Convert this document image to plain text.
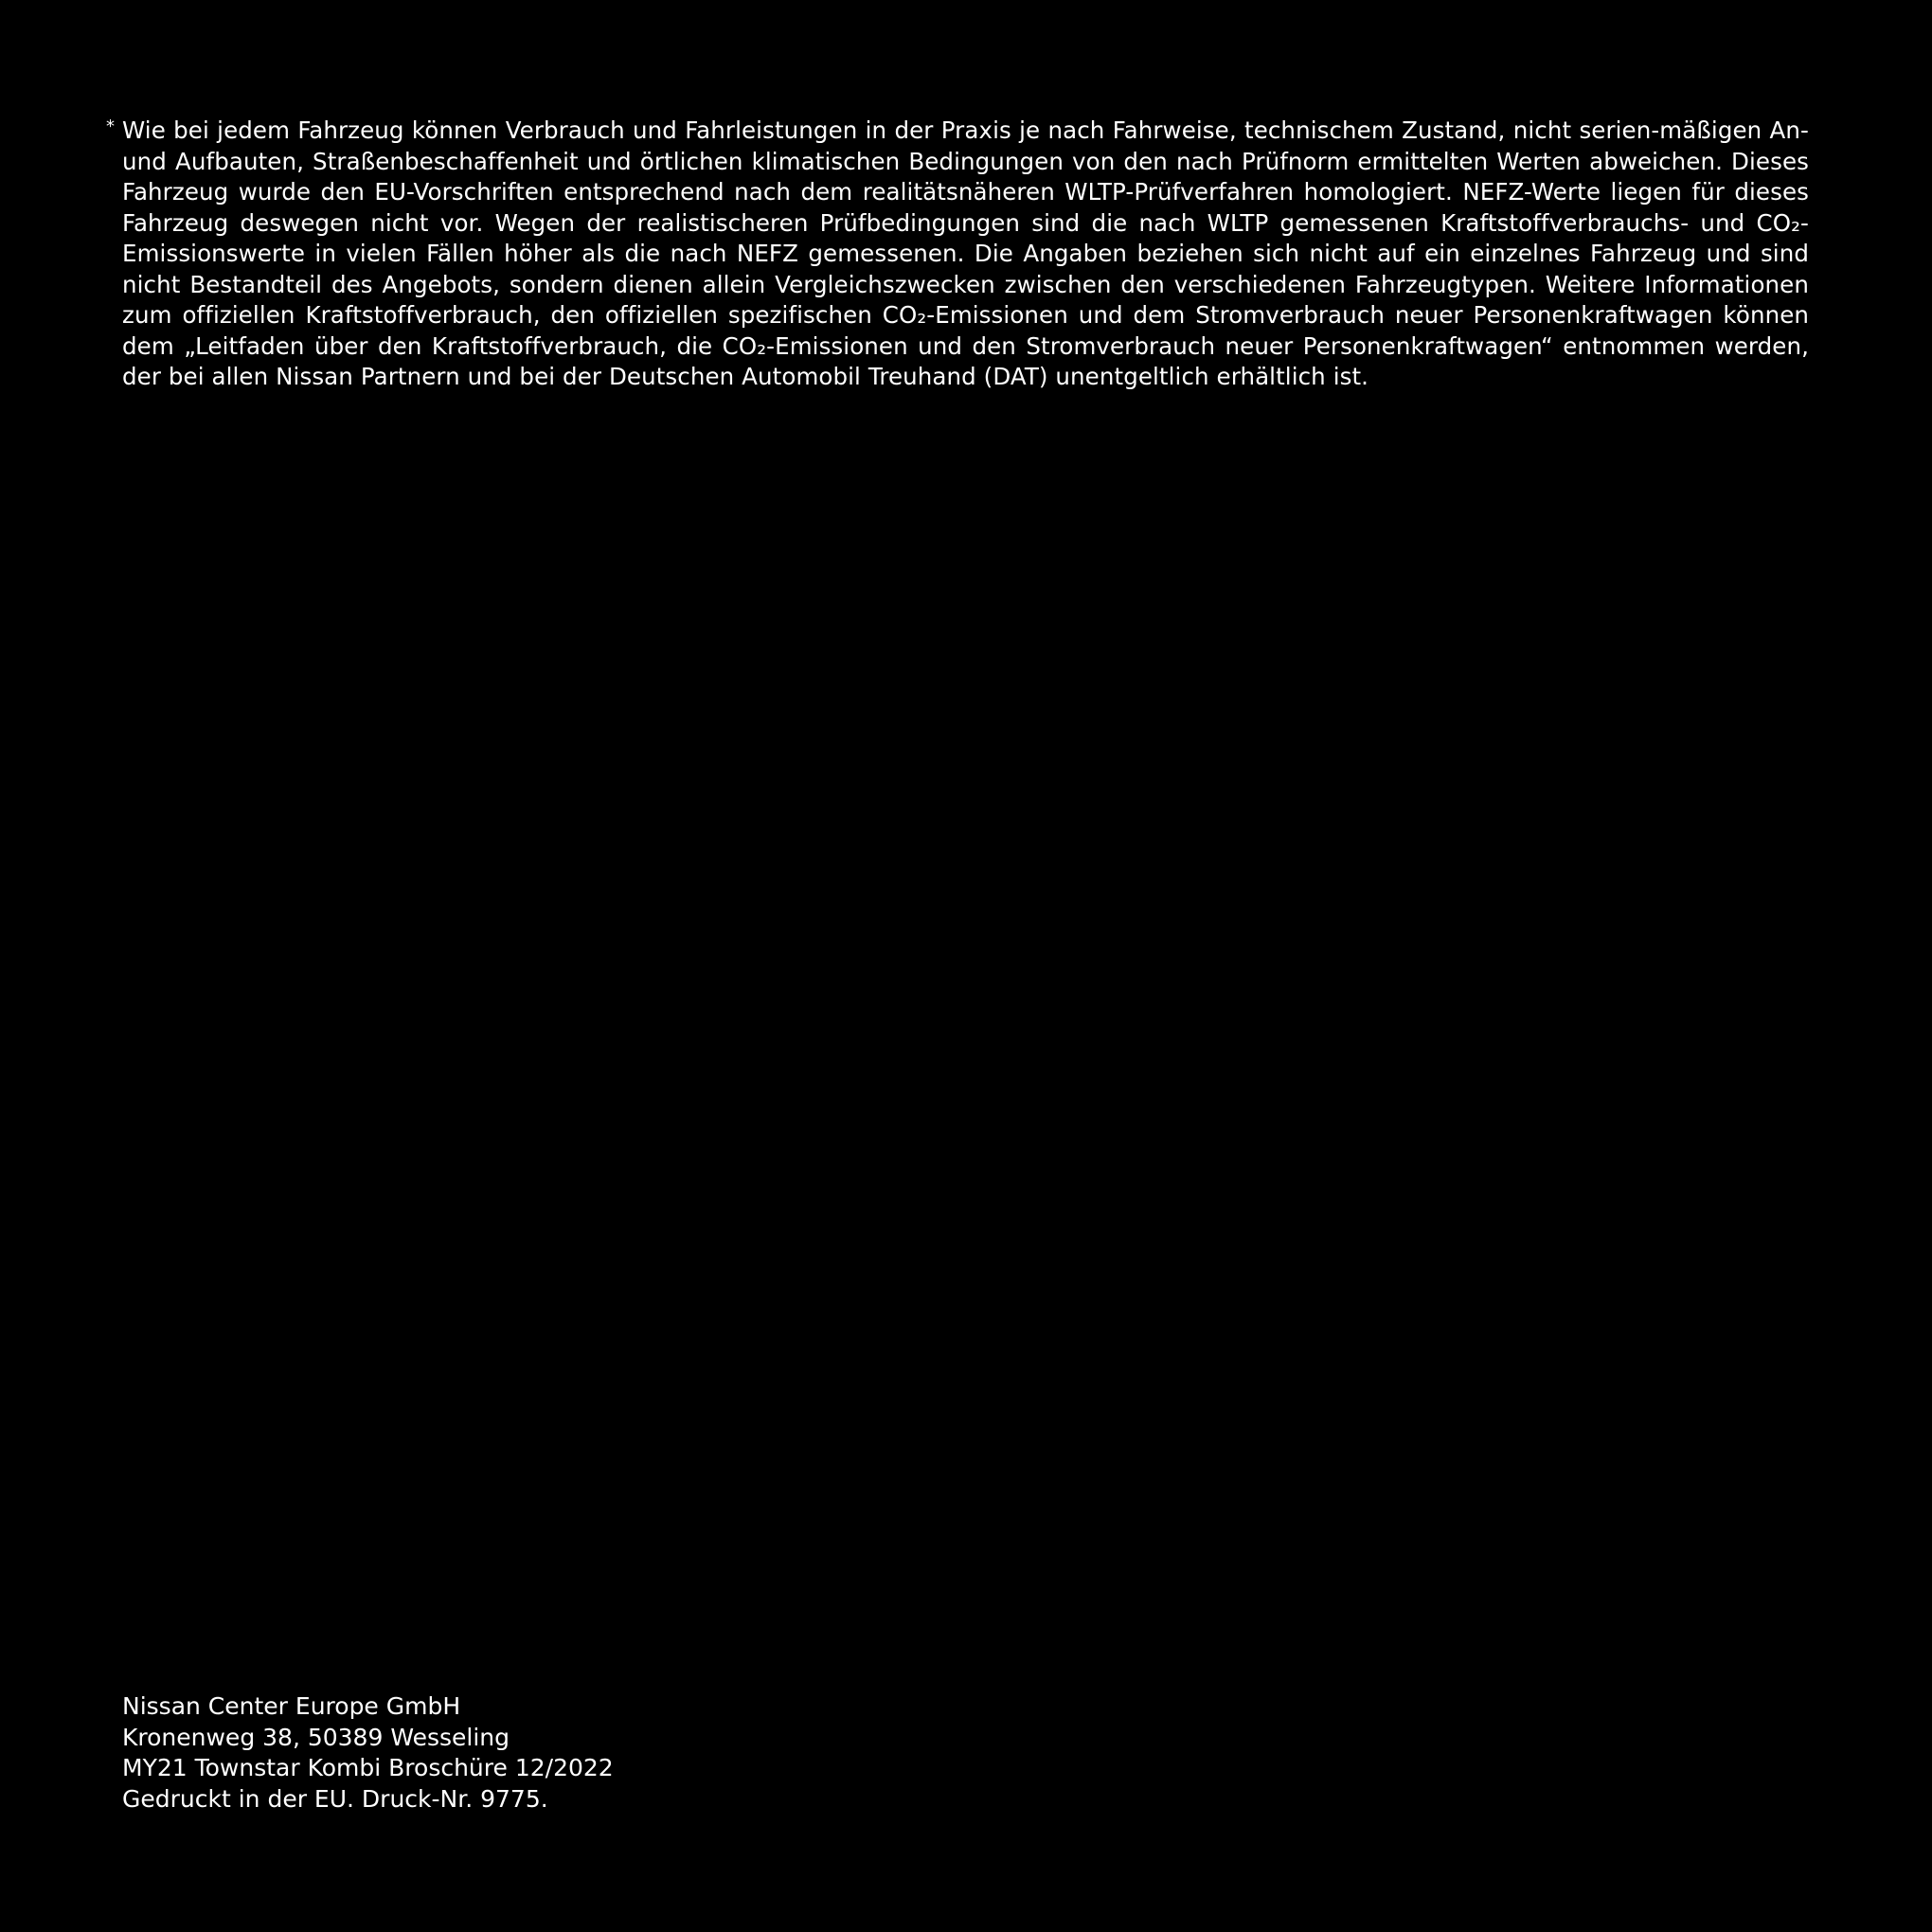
* Wie bei jedem Fahrzeug können Verbrauch und Fahrleistungen in der Praxis je nach Fahrweise, technischem Zustand, nicht serien-mäßigen An- und Aufbauten, Straßenbeschaffenheit und örtlichen klimatischen Bedingungen von den nach Prüfnorm ermittelten Werten abweichen. Dieses Fahrzeug wurde den EU-Vorschriften entsprechend nach dem realitätsnäheren WLTP-Prüfverfahren homologiert. NEFZ-Werte liegen für dieses Fahrzeug deswegen nicht vor. Wegen der realistischeren Prüfbedingungen sind die nach WLTP gemessenen Kraftstoffverbrauchs- und CO₂-Emissionswerte in vielen Fällen höher als die nach NEFZ gemessenen. Die Angaben beziehen sich nicht auf ein einzelnes Fahrzeug und sind nicht Bestandteil des Angebots, sondern dienen allein Vergleichszwecken zwischen den verschiedenen Fahrzeugtypen. Weitere Informationen zum offiziellen Kraftstoffverbrauch, den offiziellen spezifischen CO₂-Emissionen und dem Stromverbrauch neuer Personenkraftwagen können dem „Leitfaden über den Kraftstoffverbrauch, die CO₂-Emissionen und den Stromverbrauch neuer Personenkraftwagen“ entnommen werden, der bei allen Nissan Partnern und bei der Deutschen Automobil Treuhand (DAT) unentgeltlich erhältlich ist.

Nissan Center Europe GmbH
Kronenweg 38, 50389 Wesseling
MY21 Townstar Kombi Broschüre 12/2022
Gedruckt in der EU. Druck-Nr. 9775.
